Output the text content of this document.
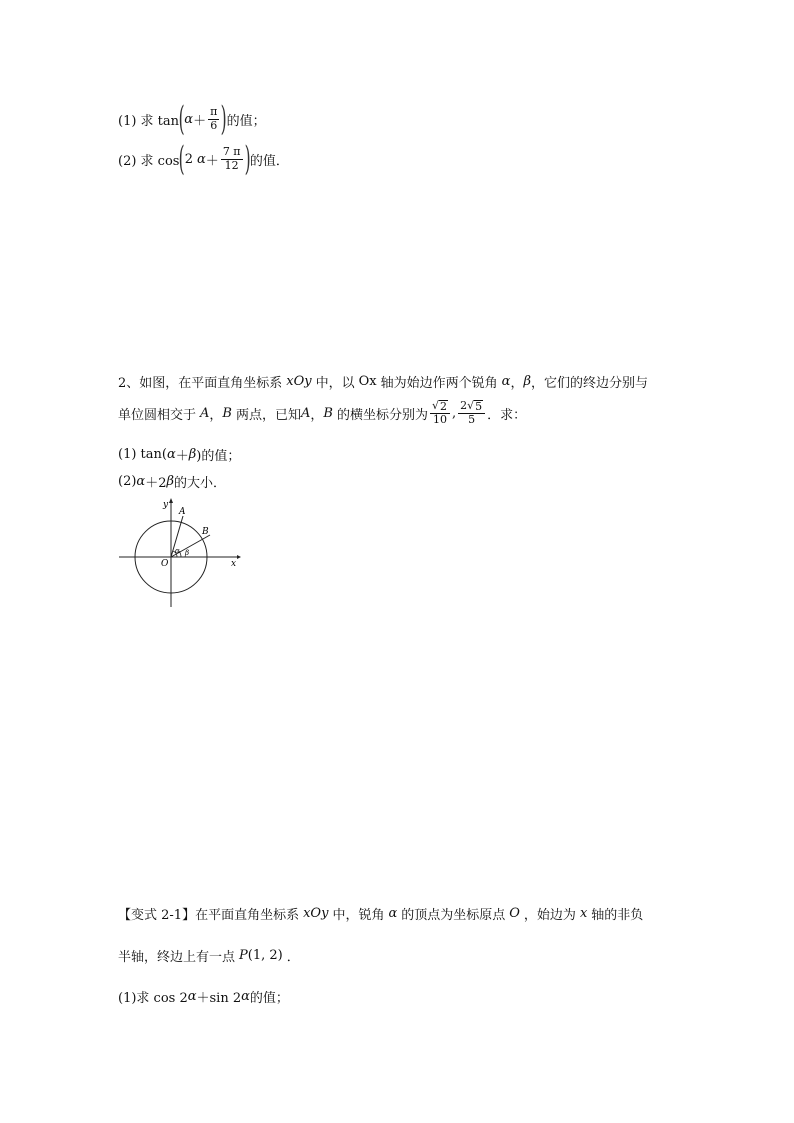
(1) 求 tan ( $\alpha + \frac{\pi}{6}$ ) 的值；
(2) 求 cos ( 2 $\alpha + \frac{7 \pi}{12}$ ) 的值．
2、如图，在平面直角坐标系 xOy 中，以 Ox 轴为始边作两个锐角 α ， β ，它们的终边分别与
单位圆相交于 A ， B 两点，已知 A ， B 的横坐标分别为 $\frac{√ 2}{10}$ , $\frac{2√ 5}{5}$ ．求：
(1) tan( α ＋ β )的值；
(2) α ＋2 β 的大小．
y
x
O
A
B
α β
【变式 2-1】 在平面直角坐标系 xOy 中，锐角 α 的顶点为坐标原点 O ，始边为 x 轴的非负
半轴，终边上有一点 P (1, 2) ．
(1)求 cos 2 α ＋sin 2 α 的值；
